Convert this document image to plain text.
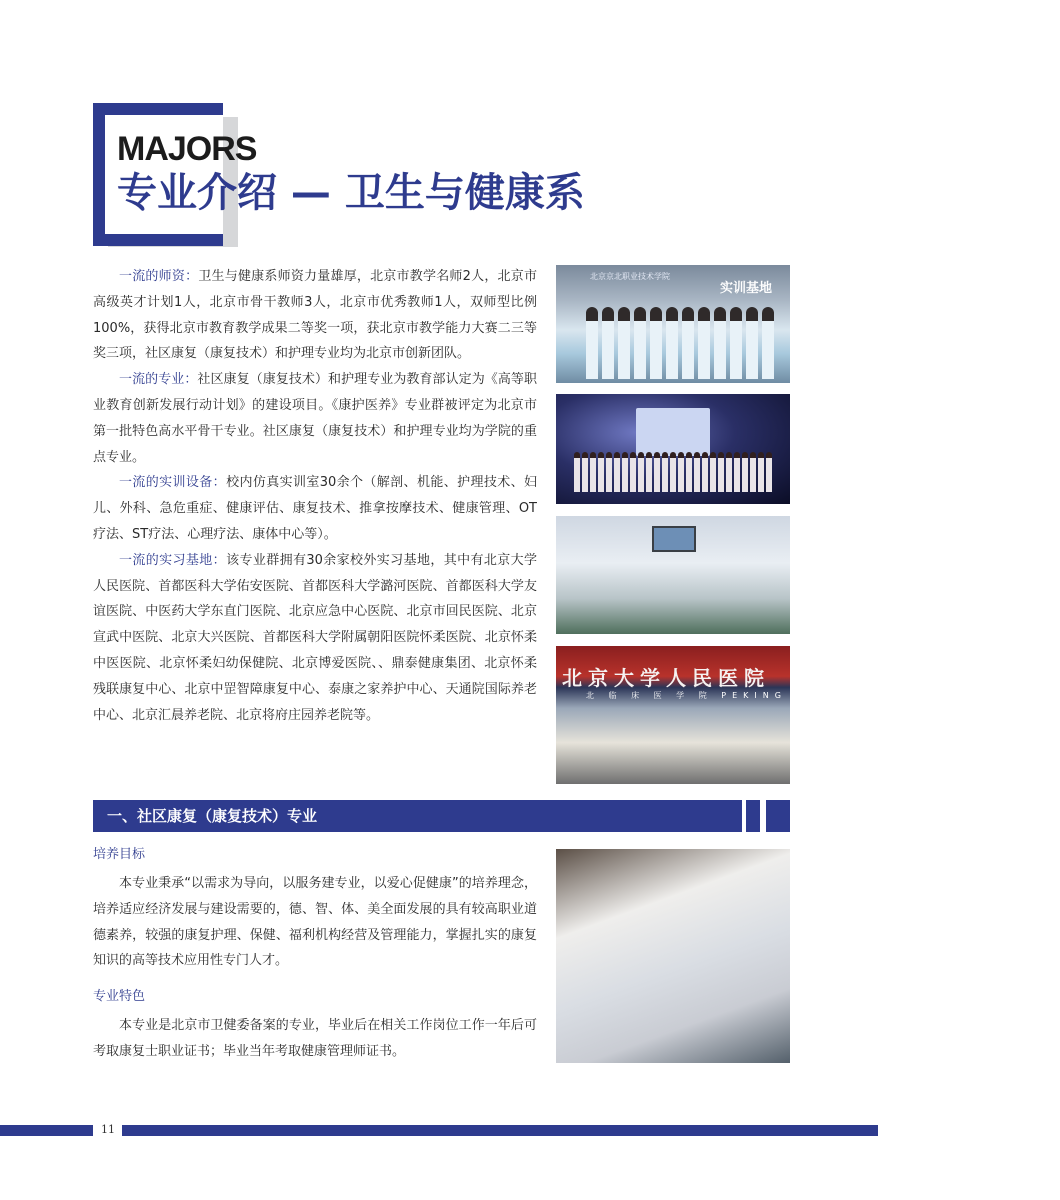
MAJORS
专业介绍 — 卫生与健康系

一流的师资：卫生与健康系师资力量雄厚，北京市教学名师2人，北京市高级英才计划1人，北京市骨干教师3人，北京市优秀教师1人，双师型比例100%，获得北京市教育教学成果二等奖一项，获北京市教学能力大赛二三等奖三项，社区康复（康复技术）和护理专业均为北京市创新团队。

一流的专业：社区康复（康复技术）和护理专业为教育部认定为《高等职业教育创新发展行动计划》的建设项目。《康护医养》专业群被评定为北京市第一批特色高水平骨干专业。社区康复（康复技术）和护理专业均为学院的重点专业。

一流的实训设备：校内仿真实训室30余个（解剖、机能、护理技术、妇儿、外科、急危重症、健康评估、康复技术、推拿按摩技术、健康管理、OT疗法、ST疗法、心理疗法、康体中心等）。

一流的实习基地：该专业群拥有30余家校外实习基地，其中有北京大学人民医院、首都医科大学佑安医院、首都医科大学潞河医院、首都医科大学友谊医院、中医药大学东直门医院、北京应急中心医院、北京市回民医院、北京宣武中医院、北京大兴医院、首都医科大学附属朝阳医院怀柔医院、北京怀柔中医医院、北京怀柔妇幼保健院、北京博爱医院、、鼎泰健康集团、北京怀柔残联康复中心、北京中罡智障康复中心、泰康之家养护中心、天通院国际养老中心、北京汇晨养老院、北京将府庄园养老院等。

北京京北职业技术学院
实训基地
北京大学人民医院
北 临 床 医 学 院 PEKING UNIVERSITY SECOND SCHOOL
一、社区康复（康复技术）专业

培养目标

本专业秉承“以需求为导向，以服务建专业，以爱心促健康”的培养理念，培养适应经济发展与建设需要的，德、智、体、美全面发展的具有较高职业道德素养，较强的康复护理、保健、福利机构经营及管理能力，掌握扎实的康复知识的高等技术应用性专门人才。

专业特色

本专业是北京市卫健委备案的专业，毕业后在相关工作岗位工作一年后可考取康复士职业证书；毕业当年考取健康管理师证书。

11
